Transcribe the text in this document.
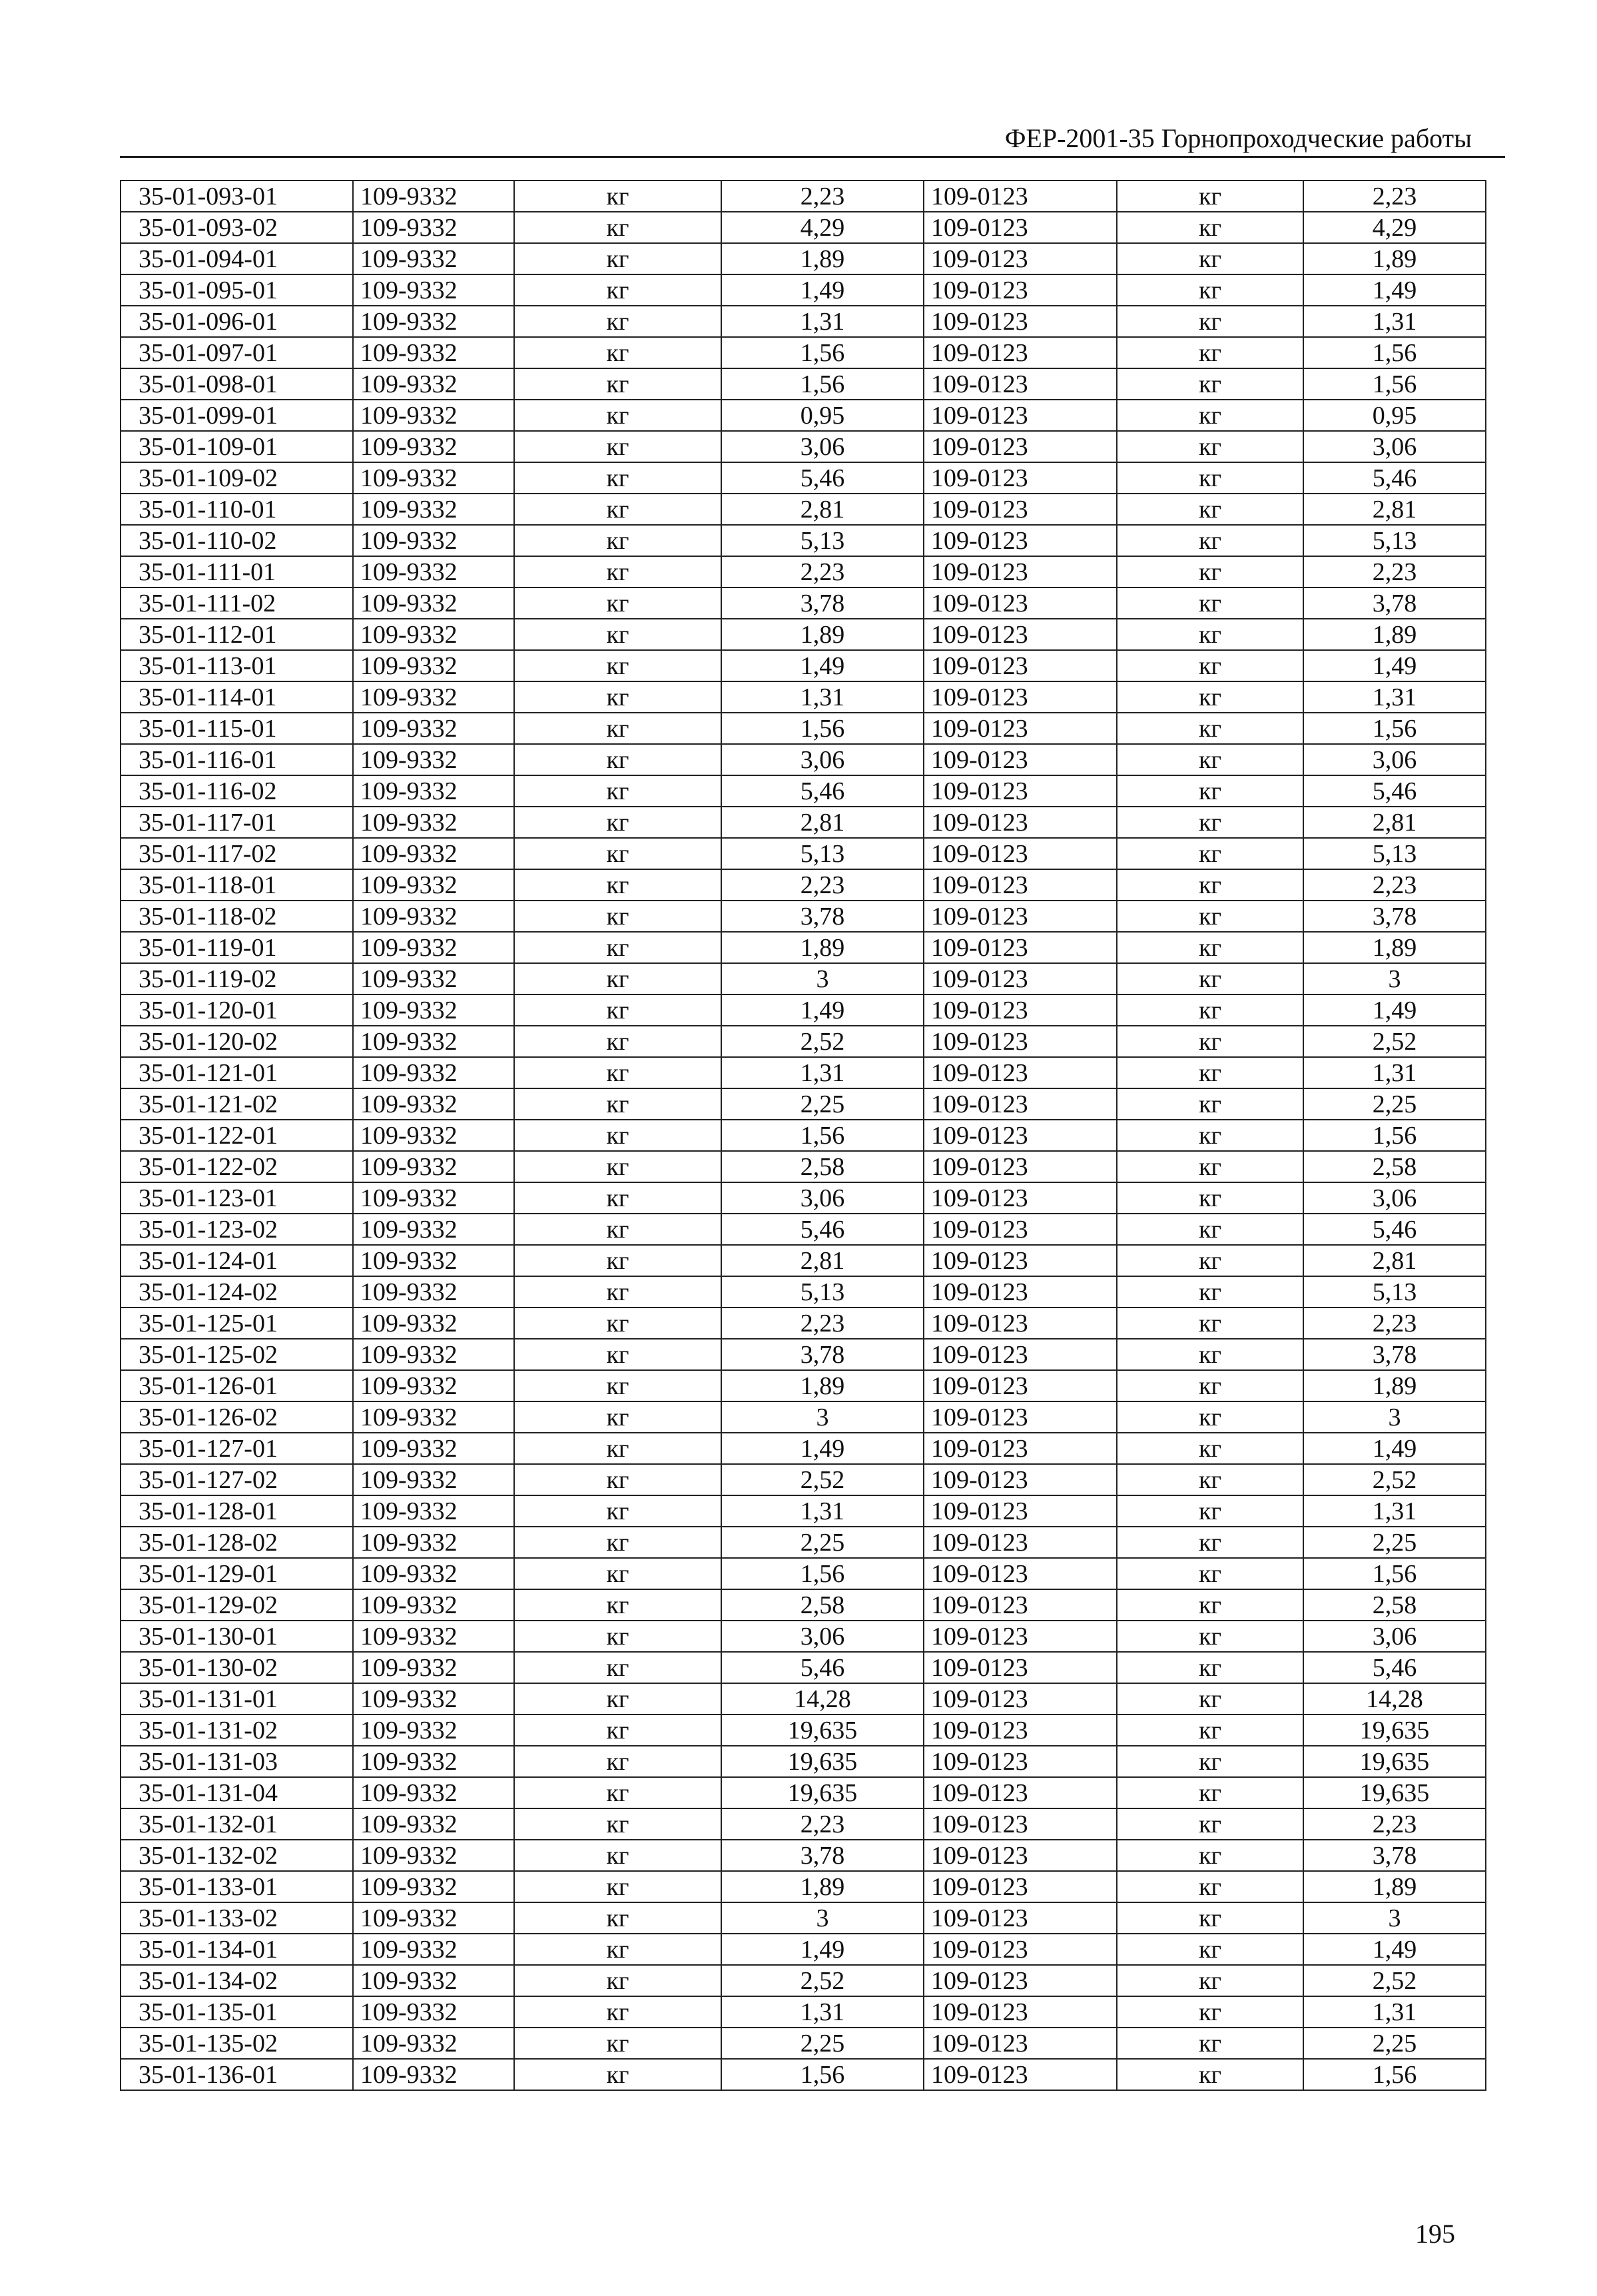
ФЕР-2001-35 Горнопроходческие работы
35-01-093-01	109-9332	кг	2,23	109-0123	кг	2,23
35-01-093-02	109-9332	кг	4,29	109-0123	кг	4,29
35-01-094-01	109-9332	кг	1,89	109-0123	кг	1,89
35-01-095-01	109-9332	кг	1,49	109-0123	кг	1,49
35-01-096-01	109-9332	кг	1,31	109-0123	кг	1,31
35-01-097-01	109-9332	кг	1,56	109-0123	кг	1,56
35-01-098-01	109-9332	кг	1,56	109-0123	кг	1,56
35-01-099-01	109-9332	кг	0,95	109-0123	кг	0,95
35-01-109-01	109-9332	кг	3,06	109-0123	кг	3,06
35-01-109-02	109-9332	кг	5,46	109-0123	кг	5,46
35-01-110-01	109-9332	кг	2,81	109-0123	кг	2,81
35-01-110-02	109-9332	кг	5,13	109-0123	кг	5,13
35-01-111-01	109-9332	кг	2,23	109-0123	кг	2,23
35-01-111-02	109-9332	кг	3,78	109-0123	кг	3,78
35-01-112-01	109-9332	кг	1,89	109-0123	кг	1,89
35-01-113-01	109-9332	кг	1,49	109-0123	кг	1,49
35-01-114-01	109-9332	кг	1,31	109-0123	кг	1,31
35-01-115-01	109-9332	кг	1,56	109-0123	кг	1,56
35-01-116-01	109-9332	кг	3,06	109-0123	кг	3,06
35-01-116-02	109-9332	кг	5,46	109-0123	кг	5,46
35-01-117-01	109-9332	кг	2,81	109-0123	кг	2,81
35-01-117-02	109-9332	кг	5,13	109-0123	кг	5,13
35-01-118-01	109-9332	кг	2,23	109-0123	кг	2,23
35-01-118-02	109-9332	кг	3,78	109-0123	кг	3,78
35-01-119-01	109-9332	кг	1,89	109-0123	кг	1,89
35-01-119-02	109-9332	кг	3	109-0123	кг	3
35-01-120-01	109-9332	кг	1,49	109-0123	кг	1,49
35-01-120-02	109-9332	кг	2,52	109-0123	кг	2,52
35-01-121-01	109-9332	кг	1,31	109-0123	кг	1,31
35-01-121-02	109-9332	кг	2,25	109-0123	кг	2,25
35-01-122-01	109-9332	кг	1,56	109-0123	кг	1,56
35-01-122-02	109-9332	кг	2,58	109-0123	кг	2,58
35-01-123-01	109-9332	кг	3,06	109-0123	кг	3,06
35-01-123-02	109-9332	кг	5,46	109-0123	кг	5,46
35-01-124-01	109-9332	кг	2,81	109-0123	кг	2,81
35-01-124-02	109-9332	кг	5,13	109-0123	кг	5,13
35-01-125-01	109-9332	кг	2,23	109-0123	кг	2,23
35-01-125-02	109-9332	кг	3,78	109-0123	кг	3,78
35-01-126-01	109-9332	кг	1,89	109-0123	кг	1,89
35-01-126-02	109-9332	кг	3	109-0123	кг	3
35-01-127-01	109-9332	кг	1,49	109-0123	кг	1,49
35-01-127-02	109-9332	кг	2,52	109-0123	кг	2,52
35-01-128-01	109-9332	кг	1,31	109-0123	кг	1,31
35-01-128-02	109-9332	кг	2,25	109-0123	кг	2,25
35-01-129-01	109-9332	кг	1,56	109-0123	кг	1,56
35-01-129-02	109-9332	кг	2,58	109-0123	кг	2,58
35-01-130-01	109-9332	кг	3,06	109-0123	кг	3,06
35-01-130-02	109-9332	кг	5,46	109-0123	кг	5,46
35-01-131-01	109-9332	кг	14,28	109-0123	кг	14,28
35-01-131-02	109-9332	кг	19,635	109-0123	кг	19,635
35-01-131-03	109-9332	кг	19,635	109-0123	кг	19,635
35-01-131-04	109-9332	кг	19,635	109-0123	кг	19,635
35-01-132-01	109-9332	кг	2,23	109-0123	кг	2,23
35-01-132-02	109-9332	кг	3,78	109-0123	кг	3,78
35-01-133-01	109-9332	кг	1,89	109-0123	кг	1,89
35-01-133-02	109-9332	кг	3	109-0123	кг	3
35-01-134-01	109-9332	кг	1,49	109-0123	кг	1,49
35-01-134-02	109-9332	кг	2,52	109-0123	кг	2,52
35-01-135-01	109-9332	кг	1,31	109-0123	кг	1,31
35-01-135-02	109-9332	кг	2,25	109-0123	кг	2,25
35-01-136-01	109-9332	кг	1,56	109-0123	кг	1,56
195
